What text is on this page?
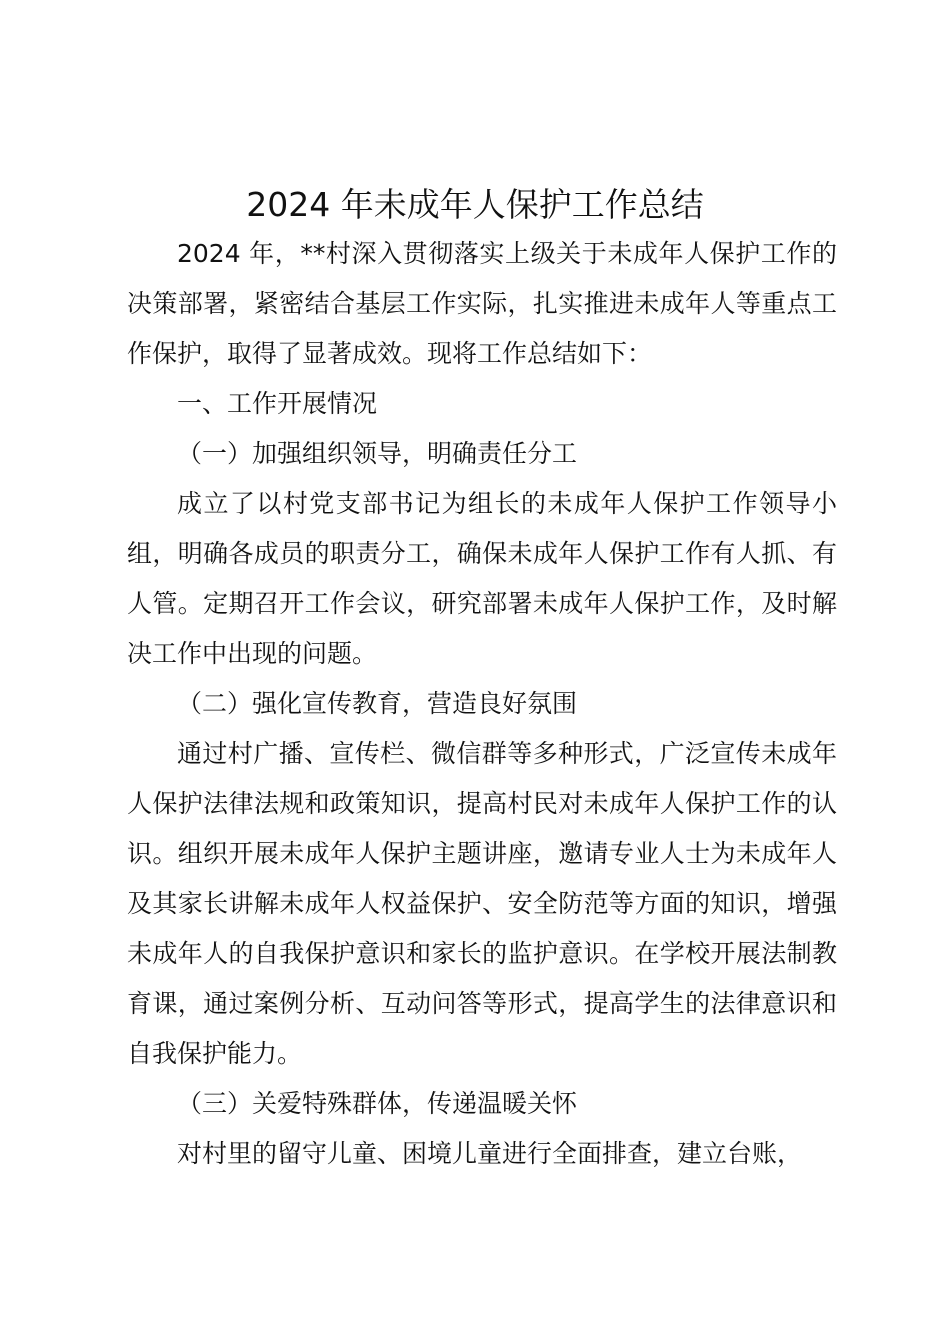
2024 年未成年人保护工作总结

2024 年，**村深入贯彻落实上级关于未成年人保护工作的决策部署，紧密结合基层工作实际，扎实推进未成年人等重点工作保护，取得了显著成效。现将工作总结如下：

一、工作开展情况

（一）加强组织领导，明确责任分工

成立了以村党支部书记为组长的未成年人保护工作领导小组，明确各成员的职责分工，确保未成年人保护工作有人抓、有人管。定期召开工作会议，研究部署未成年人保护工作，及时解决工作中出现的问题。

（二）强化宣传教育，营造良好氛围

通过村广播、宣传栏、微信群等多种形式，广泛宣传未成年人保护法律法规和政策知识，提高村民对未成年人保护工作的认识。组织开展未成年人保护主题讲座，邀请专业人士为未成年人及其家长讲解未成年人权益保护、安全防范等方面的知识，增强未成年人的自我保护意识和家长的监护意识。在学校开展法制教育课，通过案例分析、互动问答等形式，提高学生的法律意识和自我保护能力。

（三）关爱特殊群体，传递温暖关怀

对村里的留守儿童、困境儿童进行全面排查，建立台账，
